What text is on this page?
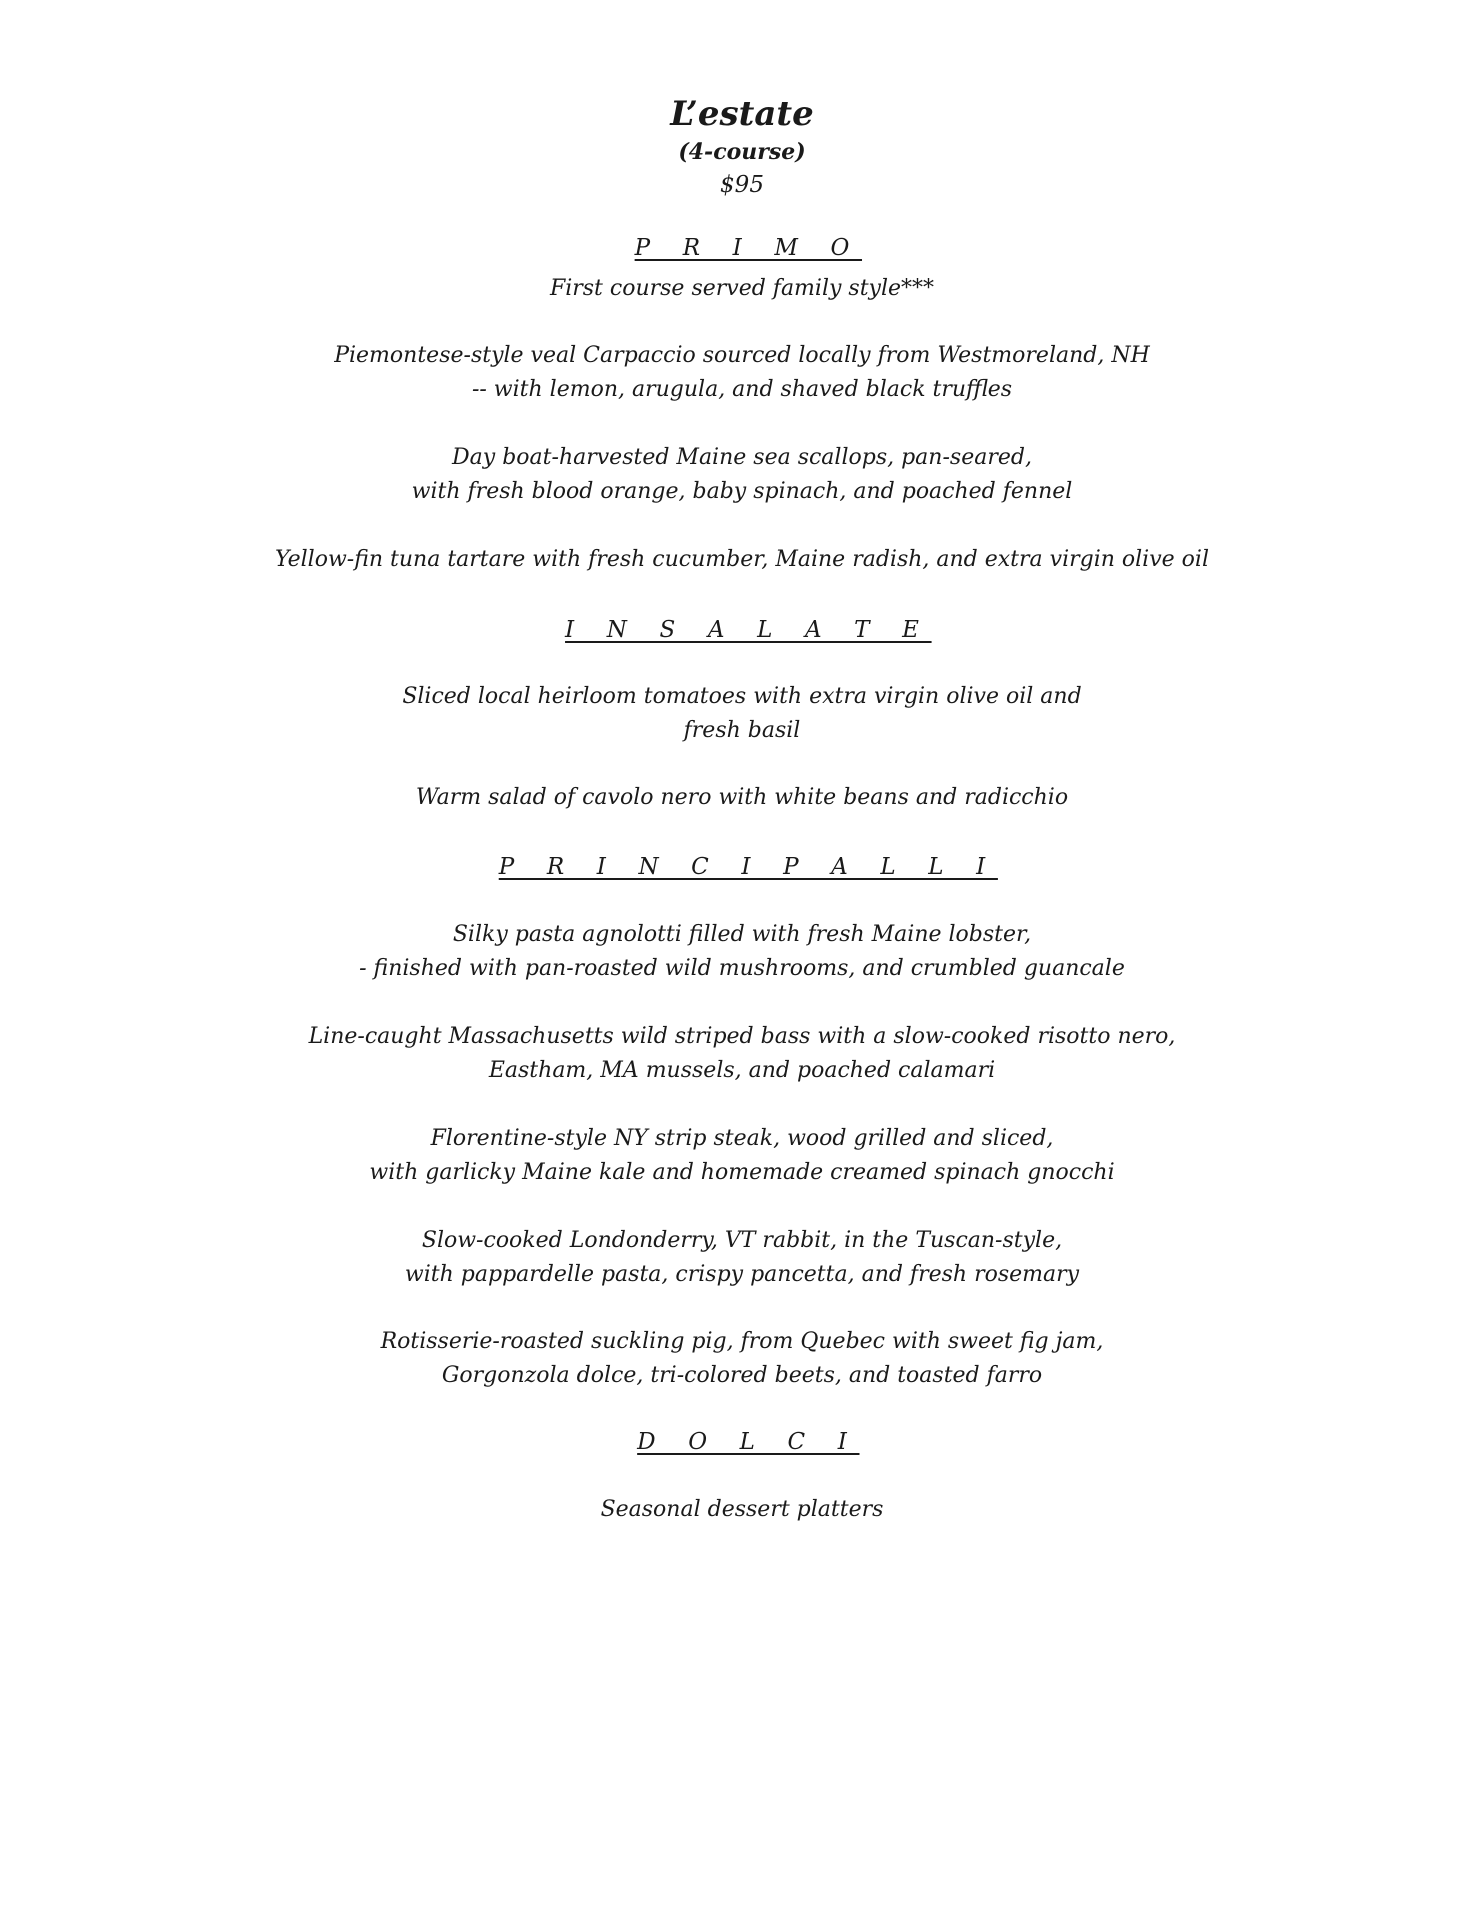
L’estate
(4-course)
$95
P R I M O
First course served family style***
Piemontese-style veal Carpaccio sourced locally from Westmoreland, NH
-- with lemon, arugula, and shaved black truffles
Day boat-harvested Maine sea scallops, pan-seared,
with fresh blood orange, baby spinach, and poached fennel
Yellow-fin tuna tartare with fresh cucumber, Maine radish, and extra virgin olive oil
I N S A L A T E
Sliced local heirloom tomatoes with extra virgin olive oil and
fresh basil
Warm salad of cavolo nero with white beans and radicchio
P R I N C I P A L L I
Silky pasta agnolotti filled with fresh Maine lobster,
- finished with pan-roasted wild mushrooms, and crumbled guancale
Line-caught Massachusetts wild striped bass with a slow-cooked risotto nero,
Eastham, MA mussels, and poached calamari
Florentine-style NY strip steak, wood grilled and sliced,
with garlicky Maine kale and homemade creamed spinach gnocchi
Slow-cooked Londonderry, VT rabbit, in the Tuscan-style,
with pappardelle pasta, crispy pancetta, and fresh rosemary
Rotisserie-roasted suckling pig, from Quebec with sweet fig jam,
Gorgonzola dolce, tri-colored beets, and toasted farro
D O L C I
Seasonal dessert platters
